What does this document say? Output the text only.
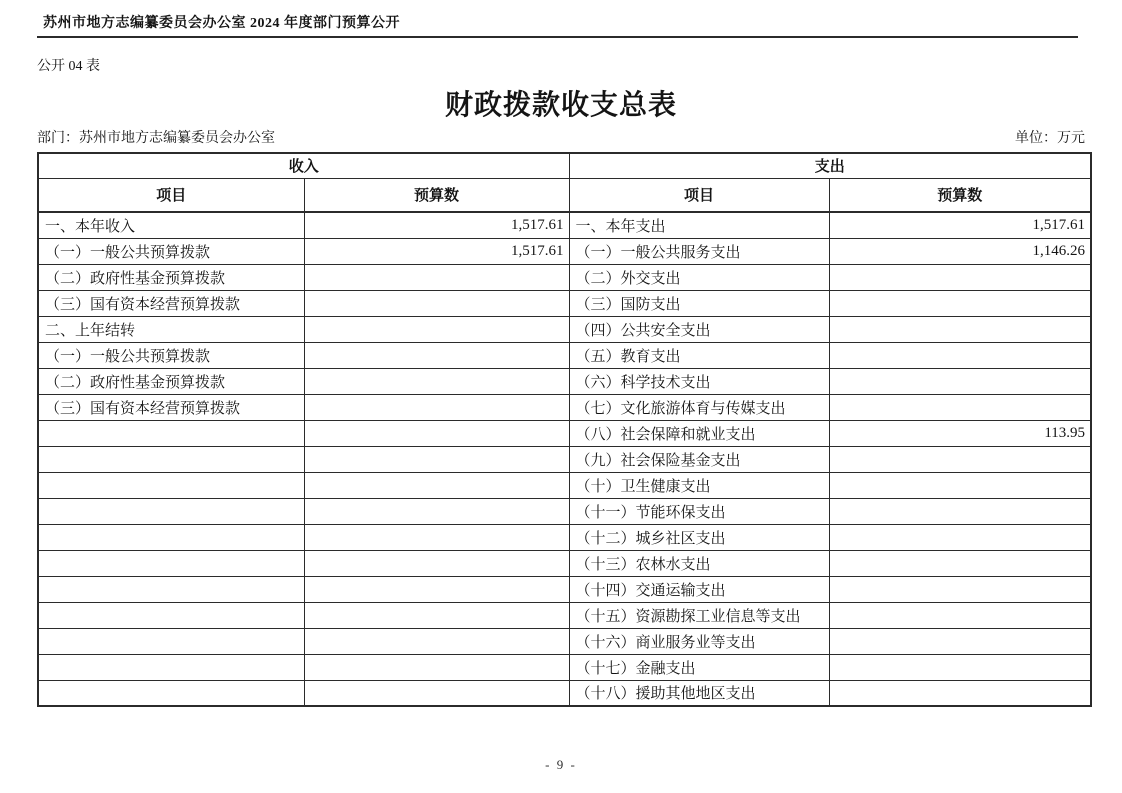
苏州市地方志编纂委员会办公室 2024 年度部门预算公开
公开 04 表
财政拨款收支总表
部门：苏州市地方志编纂委员会办公室	单位：万元
收入		支出	
项目	预算数	项目	预算数
一、本年收入	1,517.61	一、本年支出	1,517.61
（一）一般公共预算拨款	1,517.61	（一）一般公共服务支出	1,146.26
（二）政府性基金预算拨款		（二）外交支出	
（三）国有资本经营预算拨款		（三）国防支出	
二、上年结转		（四）公共安全支出	
（一）一般公共预算拨款		（五）教育支出	
（二）政府性基金预算拨款		（六）科学技术支出	
（三）国有资本经营预算拨款		（七）文化旅游体育与传媒支出	
		（八）社会保障和就业支出	113.95
		（九）社会保险基金支出	
		（十）卫生健康支出	
		（十一）节能环保支出	
		（十二）城乡社区支出	
		（十三）农林水支出	
		（十四）交通运输支出	
		（十五）资源勘探工业信息等支出	
		（十六）商业服务业等支出	
		（十七）金融支出	
		（十八）援助其他地区支出	
- 9 -
